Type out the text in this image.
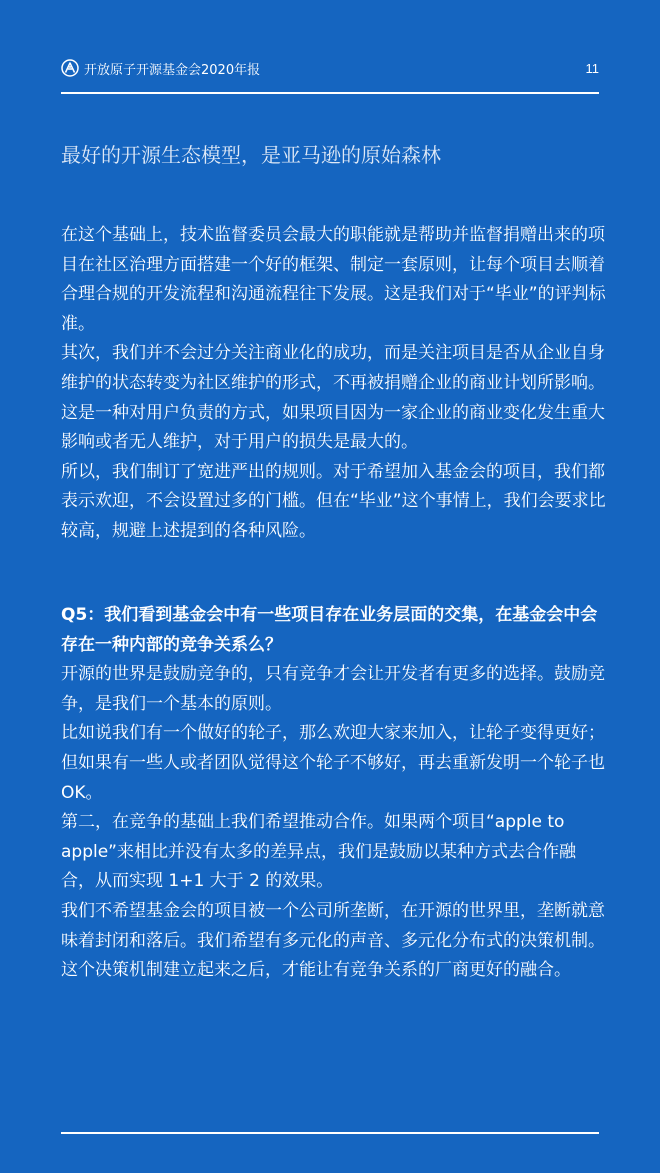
开放原子开源基金会2020年报	11
最好的开源生态模型，是亚马逊的原始森林

在这个基础上，技术监督委员会最大的职能就是帮助并监督捐赠出来的项目在社区治理方面搭建一个好的框架、制定一套原则，让每个项目去顺着合理合规的开发流程和沟通流程往下发展。这是我们对于“毕业”的评判标准。

其次，我们并不会过分关注商业化的成功，而是关注项目是否从企业自身维护的状态转变为社区维护的形式，不再被捐赠企业的商业计划所影响。这是一种对用户负责的方式，如果项目因为一家企业的商业变化发生重大影响或者无人维护，对于用户的损失是最大的。

所以，我们制订了宽进严出的规则。对于希望加入基金会的项目，我们都表示欢迎，不会设置过多的门槛。但在“毕业”这个事情上，我们会要求比较高，规避上述提到的各种风险。

Q5：我们看到基金会中有一些项目存在业务层面的交集，在基金会中会存在一种内部的竞争关系么？

开源的世界是鼓励竞争的，只有竞争才会让开发者有更多的选择。鼓励竞争，是我们一个基本的原则。

比如说我们有一个做好的轮子，那么欢迎大家来加入，让轮子变得更好；但如果有一些人或者团队觉得这个轮子不够好，再去重新发明一个轮子也OK。

第二，在竞争的基础上我们希望推动合作。如果两个项目“apple to apple”来相比并没有太多的差异点，我们是鼓励以某种方式去合作融合，从而实现 1+1 大于 2 的效果。

我们不希望基金会的项目被一个公司所垄断，在开源的世界里，垄断就意味着封闭和落后。我们希望有多元化的声音、多元化分布式的决策机制。这个决策机制建立起来之后，才能让有竞争关系的厂商更好的融合。
